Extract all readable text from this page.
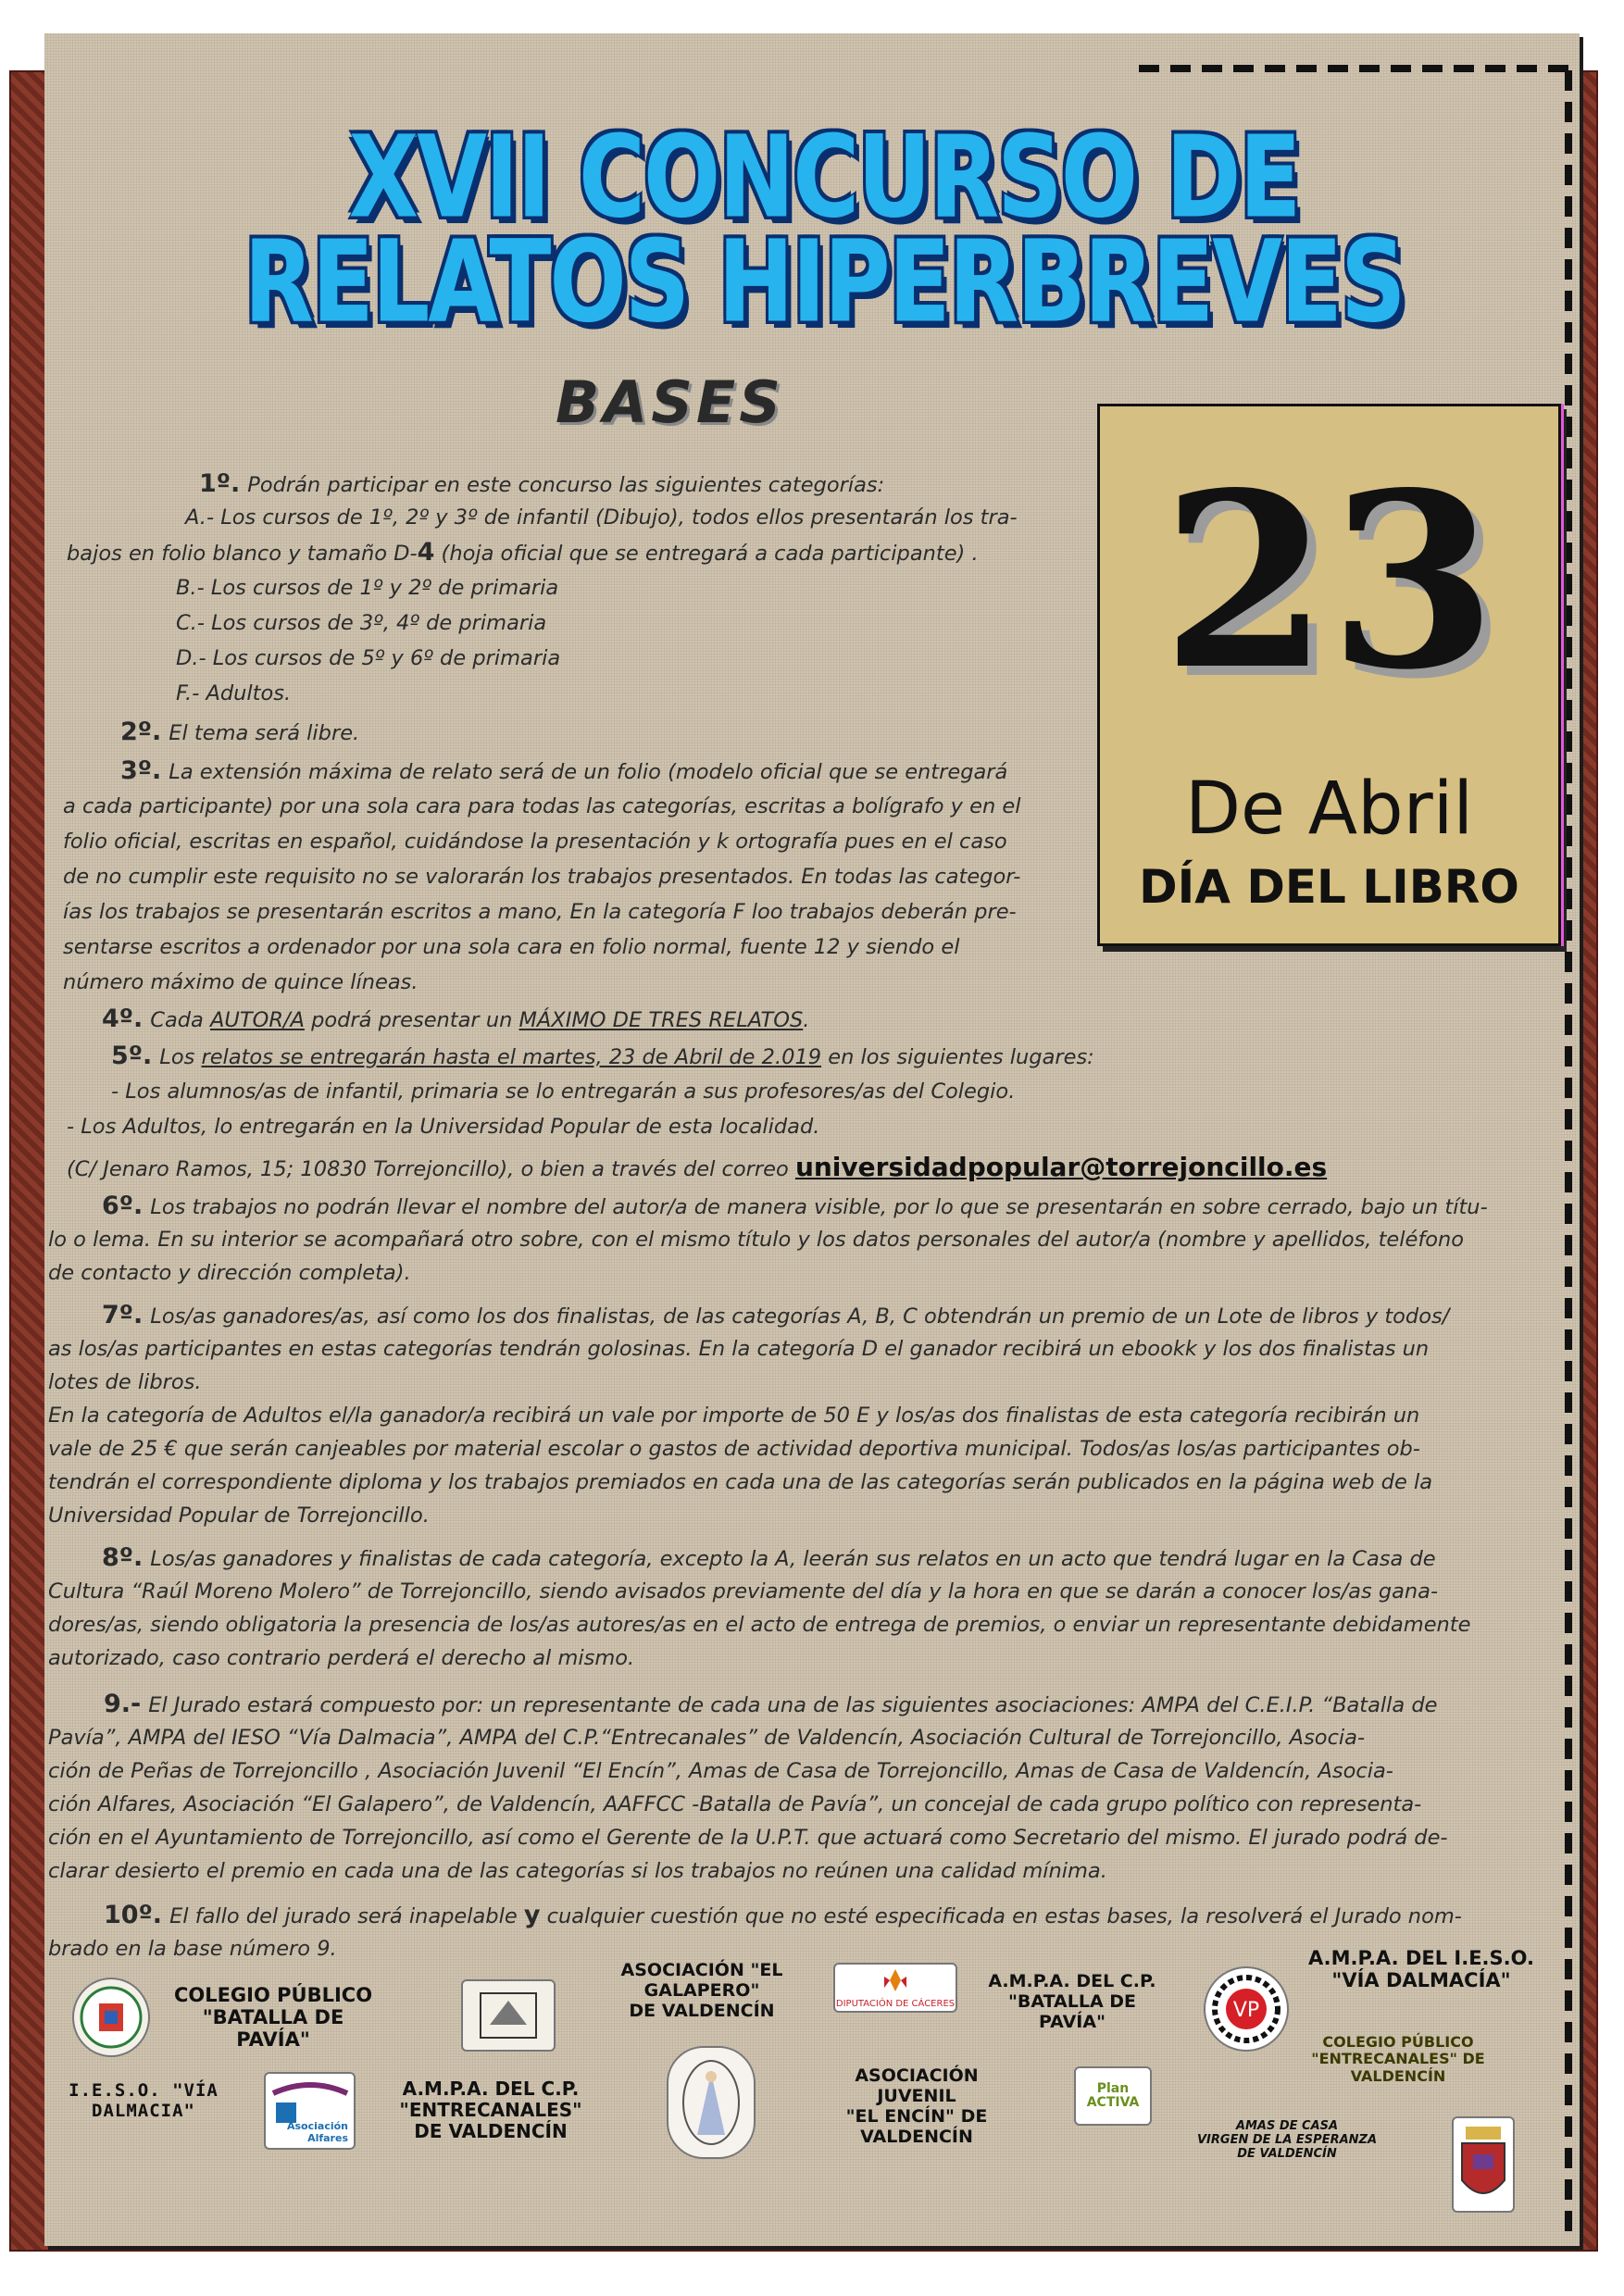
XVII CONCURSO DE
RELATOS HIPERBREVES
BASES
23
De Abril
DÍA DEL LIBRO
1º. Podrán participar en este concurso las siguientes categorías:
A.- Los cursos de 1º, 2º y 3º de infantil (Dibujo), todos ellos presentarán los tra-
bajos en folio blanco y tamaño D-4 (hoja oficial que se entregará a cada participante) .
B.- Los cursos de 1º y 2º de primaria
C.- Los cursos de 3º, 4º de primaria
D.- Los cursos de 5º y 6º de primaria
F.- Adultos.
2º. El tema será libre.
3º. La extensión máxima de relato será de un folio (modelo oficial que se entregará
a cada participante) por una sola cara para todas las categorías, escritas a bolígrafo y en el
folio oficial, escritas en español, cuidándose la presentación y k ortografía pues en el caso
de no cumplir este requisito no se valorarán los trabajos presentados. En todas las categor-
ías los trabajos se presentarán escritos a mano, En la categoría F loo trabajos deberán pre-
sentarse escritos a ordenador por una sola cara en folio normal, fuente 12 y siendo el
número máximo de quince líneas.
4º. Cada AUTOR/A podrá presentar un MÁXIMO DE TRES RELATOS.
5º. Los relatos se entregarán hasta el martes, 23 de Abril de 2.019 en los siguientes lugares:
- Los alumnos/as de infantil, primaria se lo entregarán a sus profesores/as del Colegio.
- Los Adultos, lo entregarán en la Universidad Popular de esta localidad.
(C/ Jenaro Ramos, 15; 10830 Torrejoncillo), o bien a través del correo universidadpopular@torrejoncillo.es
6º. Los trabajos no podrán llevar el nombre del autor/a de manera visible, por lo que se presentarán en sobre cerrado, bajo un títu-
lo o lema. En su interior se acompañará otro sobre, con el mismo título y los datos personales del autor/a (nombre y apellidos, teléfono
de contacto y dirección completa).
7º. Los/as ganadores/as, así como los dos finalistas, de las categorías A, B, C obtendrán un premio de un Lote de libros y todos/
as los/as participantes en estas categorías tendrán golosinas. En la categoría D el ganador recibirá un ebookk y los dos finalistas un
lotes de libros.
En la categoría de Adultos el/la ganador/a recibirá un vale por importe de 50 E y los/as dos finalistas de esta categoría recibirán un
vale de 25 € que serán canjeables por material escolar o gastos de actividad deportiva municipal. Todos/as los/as participantes ob-
tendrán el correspondiente diploma y los trabajos premiados en cada una de las categorías serán publicados en la página web de la
Universidad Popular de Torrejoncillo.
8º. Los/as ganadores y finalistas de cada categoría, excepto la A, leerán sus relatos en un acto que tendrá lugar en la Casa de
Cultura “Raúl Moreno Molero” de Torrejoncillo, siendo avisados previamente del día y la hora en que se darán a conocer los/as gana-
dores/as, siendo obligatoria la presencia de los/as autores/as en el acto de entrega de premios, o enviar un representante debidamente
autorizado, caso contrario perderá el derecho al mismo.
9.- El Jurado estará compuesto por: un representante de cada una de las siguientes asociaciones: AMPA del C.E.I.P. “Batalla de
Pavía”, AMPA del IESO “Vía Dalmacia”, AMPA del C.P.“Entrecanales” de Valdencín, Asociación Cultural de Torrejoncillo, Asocia-
ción de Peñas de Torrejoncillo , Asociación Juvenil “El Encín”, Amas de Casa de Torrejoncillo, Amas de Casa de Valdencín, Asocia-
ción Alfares, Asociación “El Galapero”, de Valdencín, AAFFCC -Batalla de Pavía”, un concejal de cada grupo político con representa-
ción en el Ayuntamiento de Torrejoncillo, así como el Gerente de la U.P.T. que actuará como Secretario del mismo. El jurado podrá de-
clarar desierto el premio en cada una de las categorías si los trabajos no reúnen una calidad mínima.
10º. El fallo del jurado será inapelable y cualquier cuestión que no esté especificada en estas bases, la resolverá el Jurado nom-
brado en la base número 9.
COLEGIO PÚBLICO
"BATALLA DE PAVÍA"
ASOCIACIÓN "EL GALAPERO"
DE VALDENCÍN	DIPUTACIÓN DE CÁCERES
A.M.P.A. DEL C.P.
"BATALLA DE PAVÍA"	VP
A.M.P.A. DEL I.E.S.O.
"VÍA DALMACÍA"
COLEGIO PÚBLICO
"ENTRECANALES" DE
VALDENCÍN
I.E.S.O. "VÍA
DALMACIA"
Asociación
Alfares
A.M.P.A. DEL C.P.
"ENTRECANALES"
DE VALDENCÍN
ASOCIACIÓN JUVENIL
"EL ENCÍN" DE VALDENCÍN
Plan
ACTIVA
AMAS DE CASA
VIRGEN DE LA ESPERANZA
DE VALDENCÍN
